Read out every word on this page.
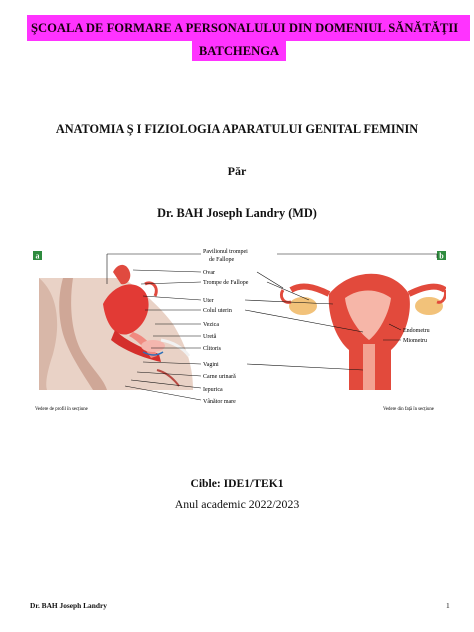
ŞCOALA DE FORMARE A PERSONALULUI DIN DOMENIUL SĂNĂTĂŢII
BATCHENGA
ANATOMIA Ş I FIZIOLOGIA APARATULUI GENITAL FEMININ
Păr
Dr. BAH Joseph Landry (MD)
a	b
Pavilionul trompei
de Fallope
Ovar
Trompe de Fallope
Uter
Colul uterin
Vezica
Uretă
Clitoris
Vagini
Carne urinară
Iepurica
Vânător mare
Endometru
Miometru
Vedere de profil în secțiune	Vedere din față în secțiune
Cible: IDE1/TEK1
Anul academic 2022/2023
Dr. BAH Joseph Landry	1
